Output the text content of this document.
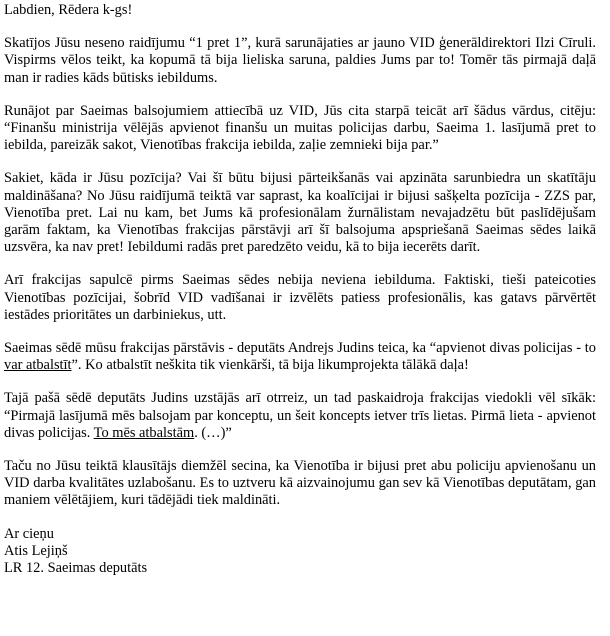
Labdien, Rēdera k-gs!

Skatījos Jūsu neseno raidījumu “1 pret 1”, kurā sarunājaties ar jauno VID ģenerāldirektori Ilzi Cīruli. Vispirms vēlos teikt, ka kopumā tā bija lieliska saruna, paldies Jums par to! Tomēr tās pirmajā daļā man ir radies kāds būtisks iebildums.

Runājot par Saeimas balsojumiem attiecībā uz VID, Jūs cita starpā teicāt arī šādus vārdus, citēju: “Finanšu ministrija vēlējās apvienot finanšu un muitas policijas darbu, Saeima 1. lasījumā pret to iebilda, pareizāk sakot, Vienotības frakcija iebilda, zaļie zemnieki bija par.”

Sakiet, kāda ir Jūsu pozīcija? Vai šī būtu bijusi pārteikšanās vai apzināta sarunbiedra un skatītāju maldināšana? No Jūsu raidījumā teiktā var saprast, ka koalīcijai ir bijusi sašķelta pozīcija - ZZS par, Vienotība pret. Lai nu kam, bet Jums kā profesionālam žurnālistam nevajadzētu būt paslīdējušam garām faktam, ka Vienotības frakcijas pārstāvji arī šī balsojuma apspriešanā Saeimas sēdes laikā uzsvēra, ka nav pret! Iebildumi radās pret paredzēto veidu, kā to bija iecerēts darīt.

Arī frakcijas sapulcē pirms Saeimas sēdes nebija neviena iebilduma. Faktiski, tieši pateicoties Vienotības pozīcijai, šobrīd VID vadīšanai ir izvēlēts patiess profesionālis, kas gatavs pārvērtēt iestādes prioritātes un darbiniekus, utt.

Saeimas sēdē mūsu frakcijas pārstāvis - deputāts Andrejs Judins teica, ka “apvienot divas policijas - to var atbalstīt”. Ko atbalstīt neškita tik vienkārši, tā bija likumprojekta tālākā daļa!

Tajā pašā sēdē deputāts Judins uzstājās arī otrreiz, un tad paskaidroja frakcijas viedokli vēl sīkāk: “Pirmajā lasījumā mēs balsojam par konceptu, un šeit koncepts ietver trīs lietas. Pirmā lieta - apvienot divas policijas. To mēs atbalstām. (…)”

Taču no Jūsu teiktā klausītājs diemžēl secina, ka Vienotība ir bijusi pret abu policiju apvienošanu un VID darba kvalitātes uzlabošanu. Es to uztveru kā aizvainojumu gan sev kā Vienotības deputātam, gan maniem vēlētājiem, kuri tādējādi tiek maldināti.

Ar cieņu

Atis Lejiņš

LR 12. Saeimas deputāts
